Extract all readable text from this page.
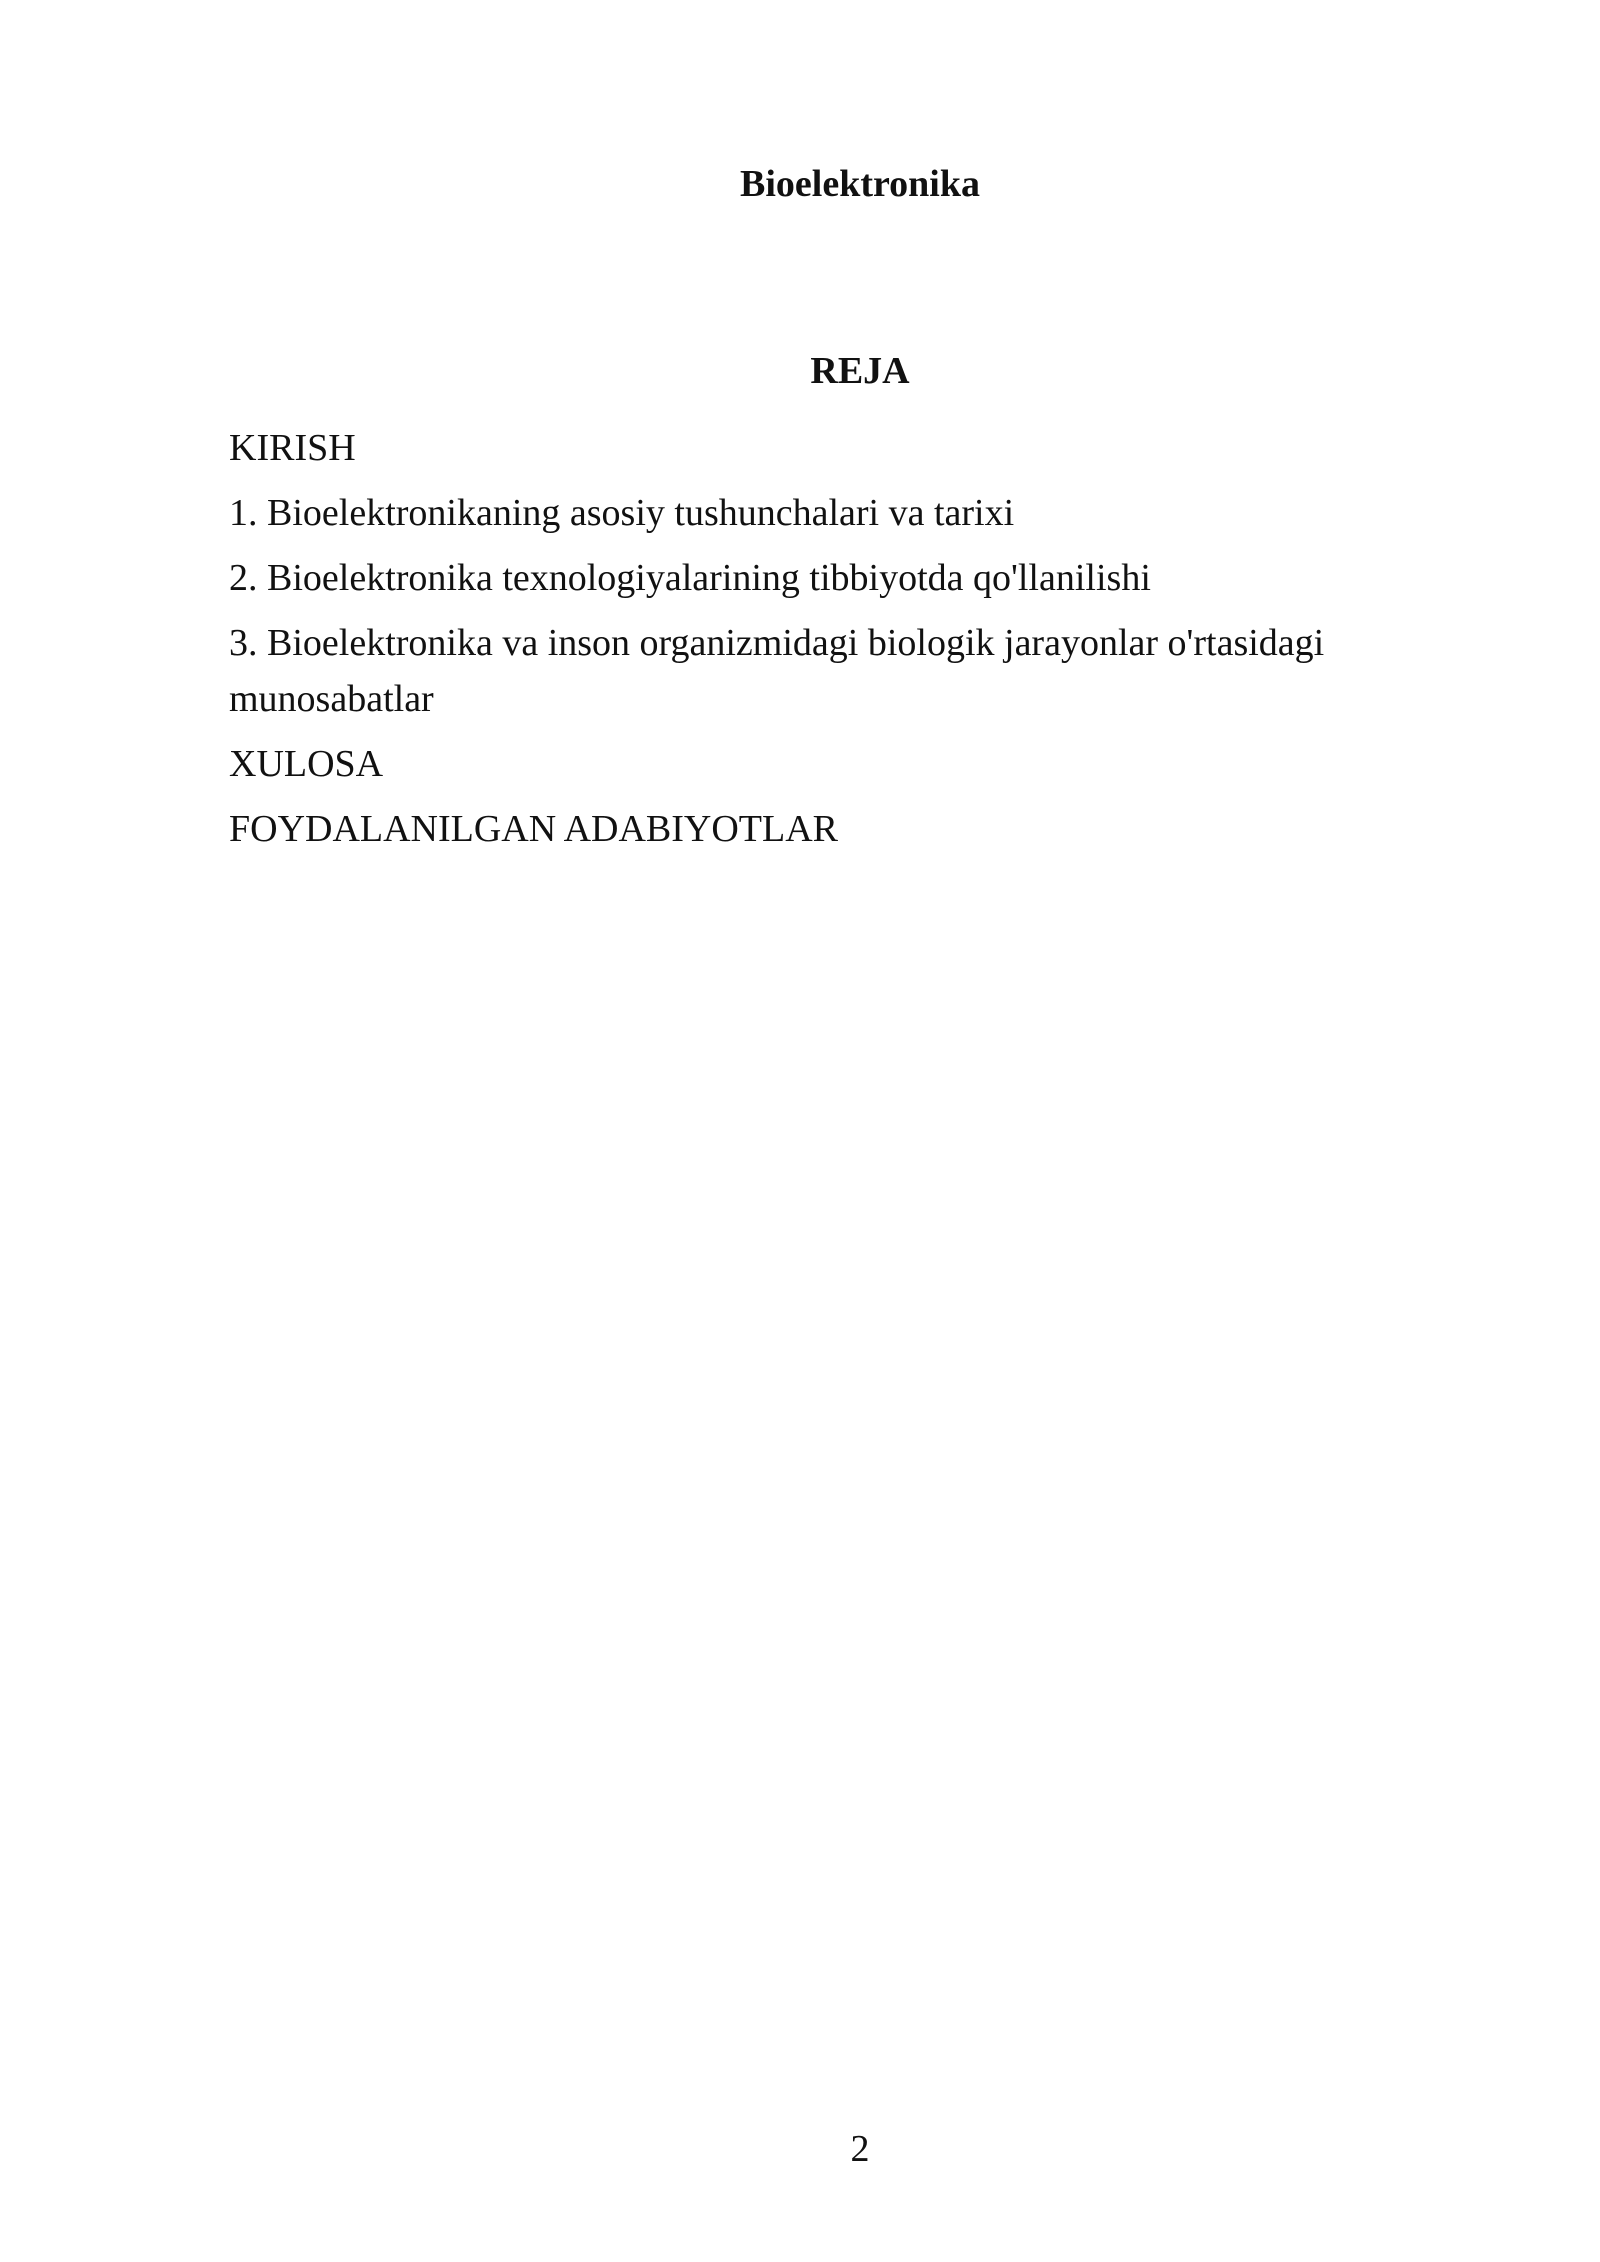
Bioelektronika
REJA
KIRISH
1. Bioelektronikaning asosiy tushunchalari va tarixi
2. Bioelektronika texnologiyalarining tibbiyotda qo'llanilishi
3. Bioelektronika va inson organizmidagi biologik jarayonlar o'rtasidagi munosabatlar
XULOSA
FOYDALANILGAN ADABIYOTLAR
2
